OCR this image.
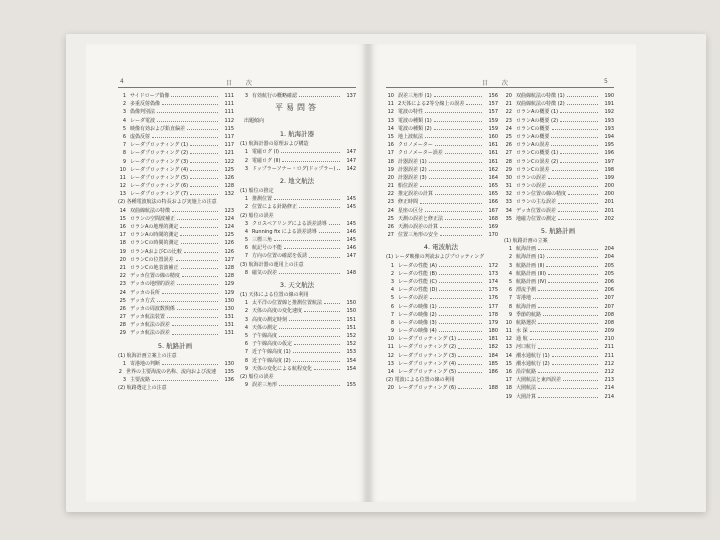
4	目 次	目 次	5
1 サイドローブ偽像	111
2 多重反射偽像	111
3 偽像判別法	111
4 レーダ電波	112
5 映像有効および鉛直偏差	115
6 虚偽反射	117
7 レーダプロッティング (1)	117
8 レーダプロッティング (2)	121
9 レーダプロッティング (3)	122
10 レーダプロッティング (4)	125
11 レーダプロッティング (5)	126
12 レーダプロッティング (6)	128
13 レーダプロッティング (7)	132
(2) 各種電波航法の特長および実施上の注意
14 双曲線航法の特徴	123
15 ロランの空間波補正	124
16 ロランAの地理的測定	124
17 ロランAの時間的測定	125
18 ロランCの時間的測定	126
19 ロランAおよびCの比較	126
20 ロランCの位置誤差	127
21 ロランCの地表波補正	128
22 デッカ位置の線の精度	128
23 デッカの地理的誤差	129
24 デッカの長所	129
25 デッカ方式	130
26 デッカの周波数関係	130
27 デッカ航法装置	131
28 デッカ航法の誤差	131
29 デッカ航法の誤差	131
5. 航路計画
(1) 航海計画立案上の注意
1 寄港地の判断	130
2 世界の主要海流の名称、流向および流速	135
3 主要流路	136
(2) 航路選定上の注意
3 有効航行の概略確認	137
平易問答
出題傾向
1. 航海計器
(1) 航海計器の原理および構造
1 電磁ログ (I)	147
2 電磁ログ (II)	147
3 ドップラーソナー・ログ(ドップラー)	142
2. 地文航法
(1) 船位の推定
1 推測位置	145
2 位置による針路修正	145
(2) 船位の誤差
3 クロスベアリングによる誤差誘導	145
4 Running fix による誤差誘導	146
5 三標三角	145
6 航記号の不能	146
7 方向の位置の確認を仮誘	147
(3) 航海計器の運用上の注意
8 磁気の誤差	148
3. 天文航法
(1) 天体による位置の線の利用
1 太平洋の位置線と推測位置航法	150
2 天体の高度の変化速度	150
3 高度の測定時刻	151
4 天体の測定	151
5 子午線高度	152
6 子午線高度の仮定	152
7 近子午線高度 (1)	153
8 近子午線高度 (2)	154
9 天体の変化による航程変化	154
(2) 船位の誤差
9 誤差三角形	155
10 誤差三角形 (1)	156
11 2天体による2等分線上の誤差	157
12 電波の特性	157
13 電波の種類 (1)	159
14 電波の種類 (2)	159
15 地上波航法	160
16 クロノメーター	161
17 クロノメーター誤差	161
18 計器誤差 (1)	161
19 計器誤差 (2)	162
20 計器誤差 (3)	164
21 船位誤差	165
22 推定誤差の計算	165
23 修正時間	166
24 星座の区分	167
25 天測の誤差と修正法	168
26 天測の誤差の計算	169
27 位置三角形の安全	170
4. 電波航法
(1) レーダ映像の判読およびプロッティング
1 レーダの性能 (A)	172
2 レーダの性能 (B)	173
3 レーダの性能 (C)	174
4 レーダの性能 (D)	175
5 レーダの誤差	176
6 レーダの映像 (1)	177
7 レーダの映像 (2)	178
8 レーダの映像 (3)	179
9 レーダの映像 (4)	180
10 レーダプロッティング (1)	181
11 レーダプロッティング (2)	182
12 レーダプロッティング (3)	184
13 レーダプロッティング (4)	185
14 レーダプロッティング (5)	186
(2) 電波による位置の線の利用
20 レーダプロッティング (6)	188
20 双曲線航法の特徴 (1)	190
21 双曲線航法の特徴 (2)	191
22 ロランAの概要 (1)	192
23 ロランAの概要 (2)	193
24 ロランCの概要	193
25 ロランAの概要	194
26 ロランAの誤差	195
27 ロランCの概要 (1)	196
28 ロランCの誤差 (2)	197
29 ロランCの誤差	198
30 ロランの誤差	199
31 ロランの誤差	200
32 ロラン位置の線の精度	200
33 ロランの主な誤差	201
34 デッカ位置の誤差	201
35 地磁力位置の測定	202
5. 航路計画
(1) 航路計画の立案
1 航海計画	204
2 航海計画 (1)	204
3 航路計画 (II)	205
4 航路計画 (III)	205
5 航路計画 (IV)	206
6 漂流予測	206
7 寄港地	207
8 航海計画	207
9 季節的航路	208
10 航路選択	208
11 水 深	209
12 通 航	210
13 河口航行	211
14 潮水通航行 (1)	211
15 潮水通航行 (2)	212
16 沿岸航路	212
17 大圏航法と東西誤差	213
18 大圏航法	214
19 大圏計算	214
